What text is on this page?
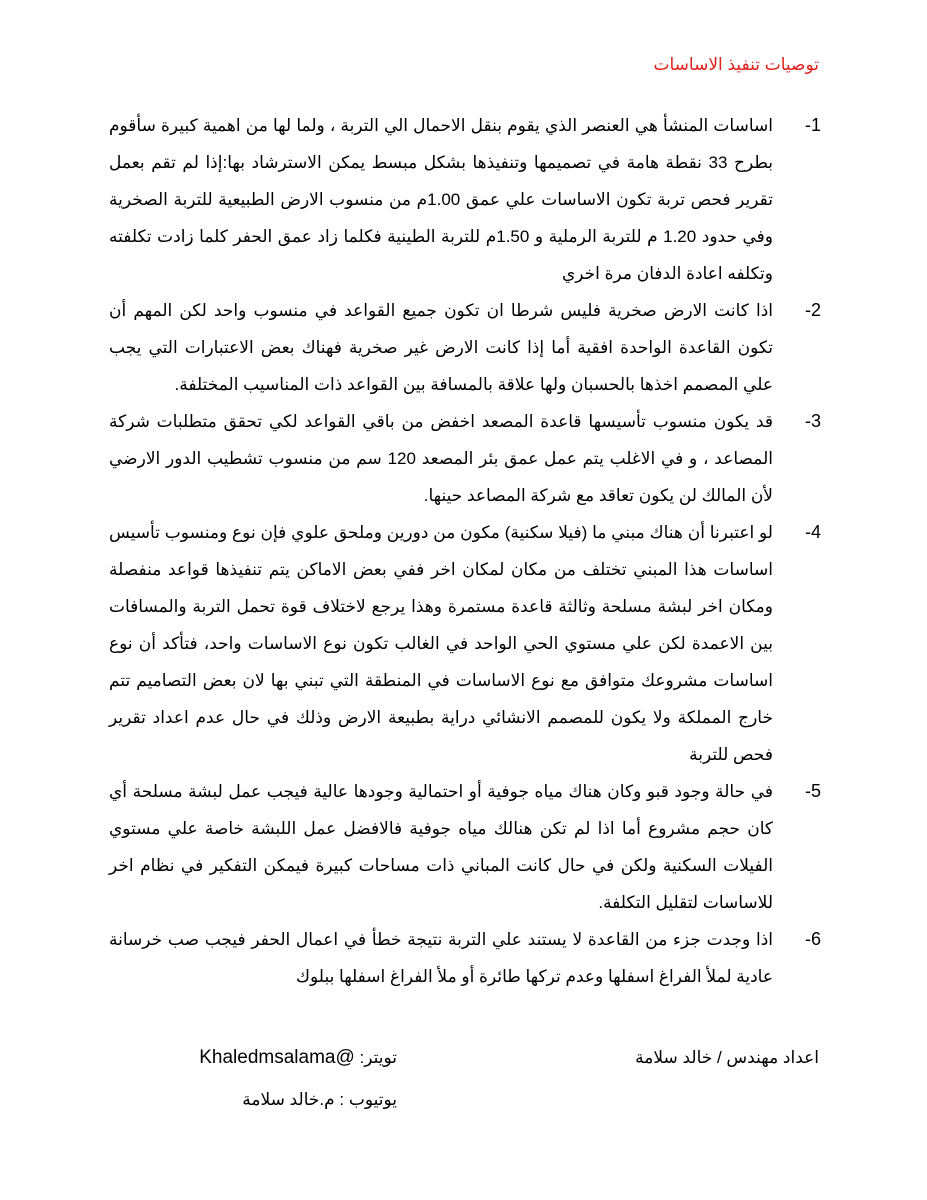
توصيات تنفيذ الاساسات
-1
اساسات المنشأ هي العنصر الذي يقوم بنقل الاحمال الي التربة ، ولما لها من اهمية كبيرة سأقوم بطرح 33 نقطة هامة في تصميمها وتنفيذها بشكل مبسط يمكن الاسترشاد بها:إذا لم تقم بعمل تقرير فحص تربة تكون الاساسات علي عمق 1.00م من منسوب الارض الطبيعية للتربة الصخرية وفي حدود 1.20 م للتربة الرملية و 1.50م للتربة الطينية فكلما زاد عمق الحفر كلما زادت تكلفته وتكلفه اعادة الدفان مرة اخري
-2
اذا كانت الارض صخرية فليس شرطا ان تكون جميع القواعد في منسوب واحد لكن المهم أن تكون القاعدة الواحدة افقية أما إذا كانت الارض غير صخرية فهناك بعض الاعتبارات التي يجب علي المصمم اخذها بالحسبان ولها علاقة بالمسافة بين القواعد ذات المناسيب المختلفة.
-3
قد يكون منسوب تأسيسها قاعدة المصعد اخفض من باقي القواعد لكي تحقق متطلبات شركة المصاعد ، و في الاغلب يتم عمل عمق بئر المصعد 120 سم من منسوب تشطيب الدور الارضي لأن المالك لن يكون تعاقد مع شركة المصاعد حينها.
-4
لو اعتبرنا أن هناك مبني ما (فيلا سكنية) مكون من دورين وملحق علوي فإن نوع ومنسوب تأسيس اساسات هذا المبني تختلف من مكان لمكان اخر ففي بعض الاماكن يتم تنفيذها قواعد منفصلة ومكان اخر لبشة مسلحة وثالثة قاعدة مستمرة وهذا يرجع لاختلاف قوة تحمل التربة والمسافات بين الاعمدة لكن علي مستوي الحي الواحد في الغالب تكون نوع الاساسات واحد، فتأكد أن نوع اساسات مشروعك متوافق مع نوع الاساسات في المنطقة التي تبني بها لان بعض التصاميم تتم خارج المملكة ولا يكون للمصمم الانشائي دراية بطبيعة الارض وذلك في حال عدم اعداد تقرير فحص للتربة
-5
في حالة وجود قبو وكان هناك مياه جوفية أو احتمالية وجودها عالية فيجب عمل لبشة مسلحة أي كان حجم مشروع أما اذا لم تكن هنالك مياه جوفية فالافضل عمل اللبشة خاصة علي مستوي الفيلات السكنية ولكن في حال كانت المباني ذات مساحات كبيرة فيمكن التفكير في نظام اخر للاساسات لتقليل التكلفة.
-6
اذا وجدت جزء من القاعدة لا يستند علي التربة نتيجة خطأ في اعمال الحفر فيجب صب خرسانة عادية لملأ الفراغ اسفلها وعدم تركها طائرة أو ملأ الفراغ اسفلها ببلوك
اعداد مهندس / خالد سلامة
تويتر: @Khaledmsalama
يوتيوب : م.خالد سلامة
